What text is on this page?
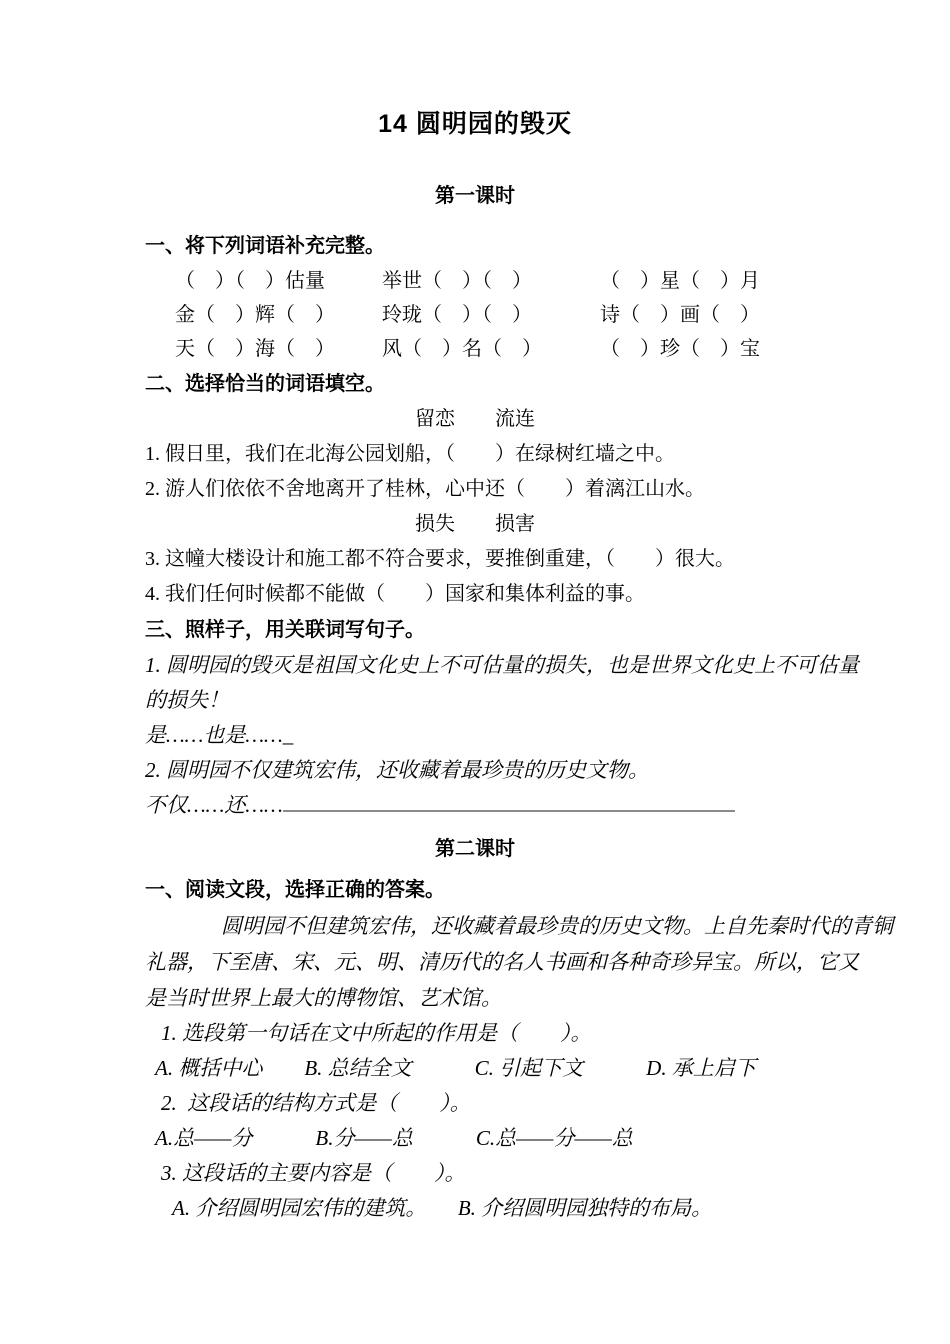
14 圆明园的毁灭
第一课时
一、将下列词语补充完整。
（　）（　）估量	举世（　）（　）	（　）星（　）月
金（　）辉（　）	玲珑（　）（　）	诗（　）画（　）
天（　）海（　）	风（　）名（　）	（　）珍（　）宝
二、选择恰当的词语填空。
留恋　　流连
1. 假日里，我们在北海公园划船，（　　）在绿树红墙之中。
2. 游人们依依不舍地离开了桂林，心中还（　　）着漓江山水。
损失　　损害
3. 这幢大楼设计和施工都不符合要求，要推倒重建，（　　）很大。
4. 我们任何时候都不能做（　　）国家和集体利益的事。
三、照样子，用关联词写句子。
1. 圆明园的毁灭是祖国文化史上不可估量的损失，也是世界文化史上不可估量
的损失！
是……也是……_
2. 圆明园不仅建筑宏伟，还收藏着最珍贵的历史文物。
不仅……还……
第二课时
一、阅读文段，选择正确的答案。
圆明园不但建筑宏伟，还收藏着最珍贵的历史文物。上自先秦时代的青铜
礼器，下至唐、宋、元、明、清历代的名人书画和各种奇珍异宝。所以，它又
是当时世界上最大的博物馆、艺术馆。
1. 选段第一句话在文中所起的作用是（　　）。
A. 概括中心　　B. 总结全文　　　C. 引起下文　　　D. 承上启下
2.  这段话的结构方式是（　　）。
A.总——分　　　B.分——总　　　C.总——分——总
3. 这段话的主要内容是（　　）。
A. 介绍圆明园宏伟的建筑。　　B. 介绍圆明园独特的布局。
